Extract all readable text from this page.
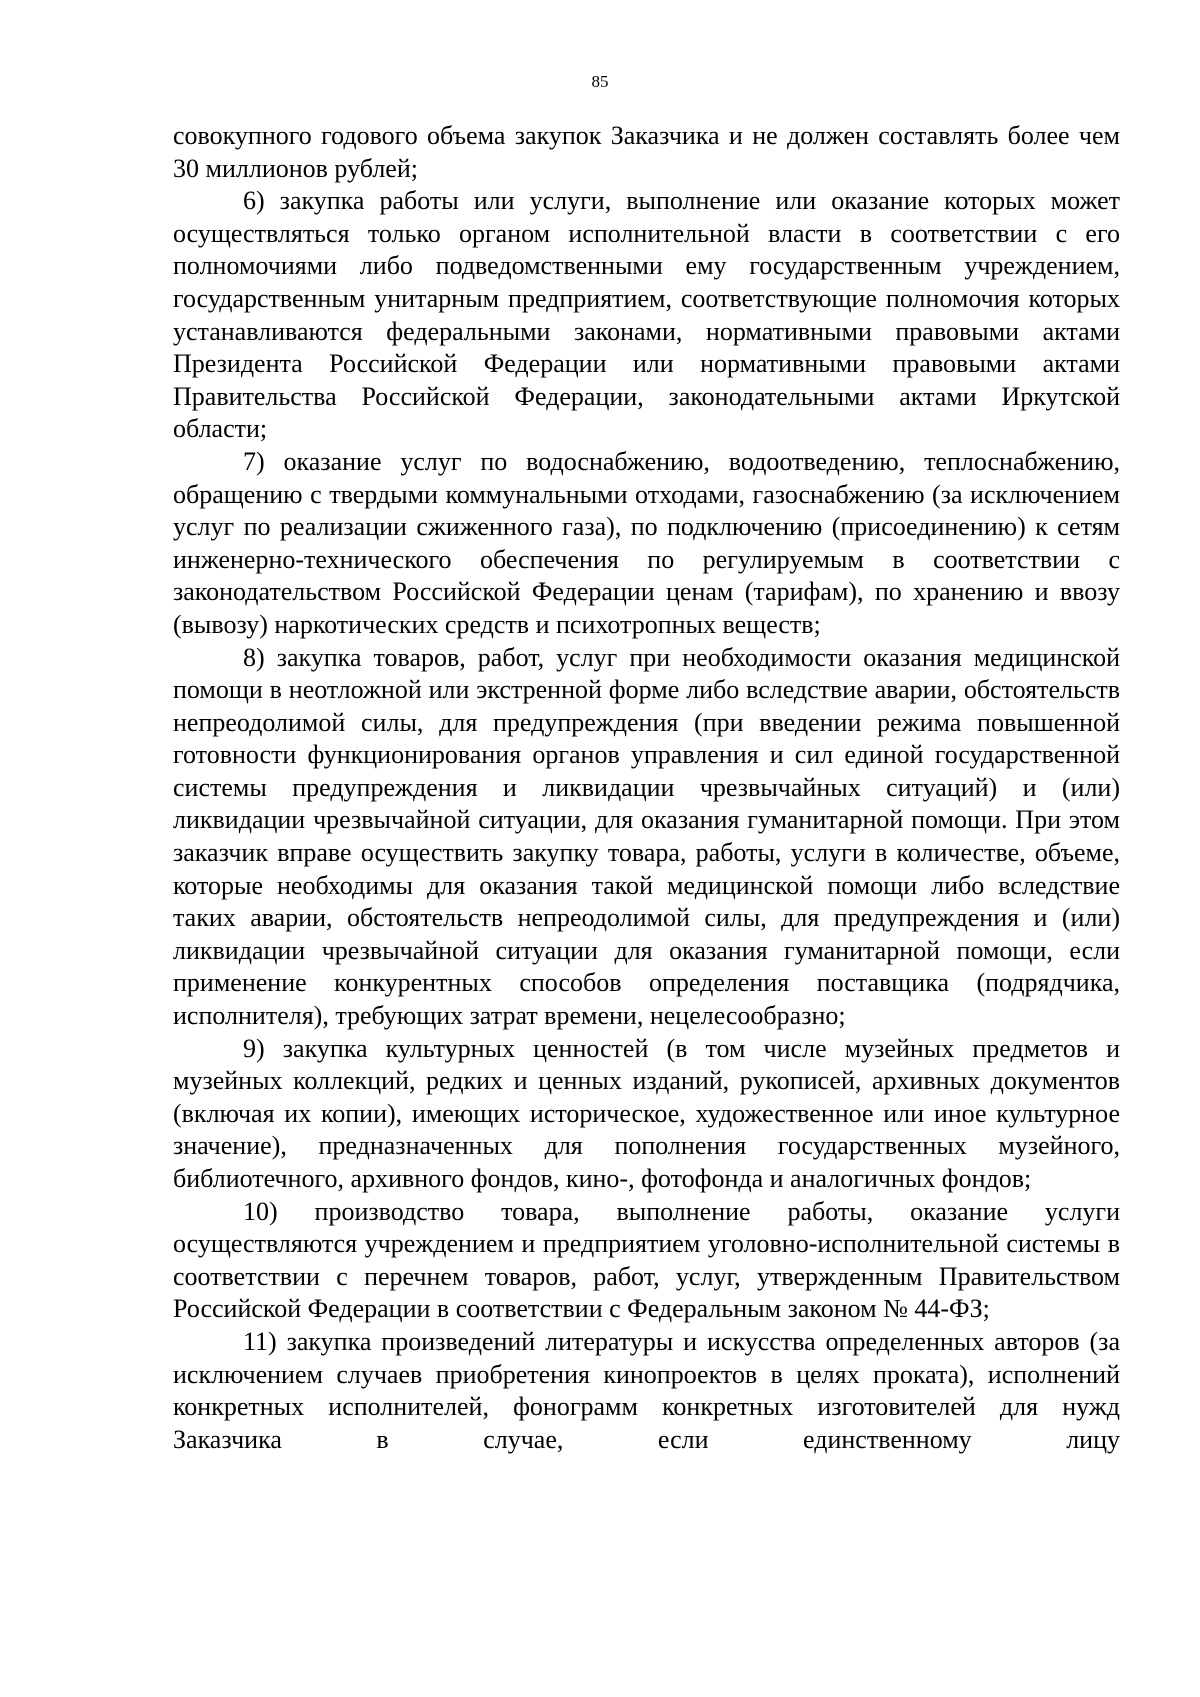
85

совокупного годового объема закупок Заказчика и не должен составлять более чем 30 миллионов рублей;

6) закупка работы или услуги, выполнение или оказание которых может осуществляться только органом исполнительной власти в соответствии с его полномочиями либо подведомственными ему государственным учреждением, государственным унитарным предприятием, соответствующие полномочия которых устанавливаются федеральными законами, нормативными правовыми актами Президента Российской Федерации или нормативными правовыми актами Правительства Российской Федерации, законодательными актами Иркутской области;

7) оказание услуг по водоснабжению, водоотведению, теплоснабжению, обращению с твердыми коммунальными отходами, газоснабжению (за исключением услуг по реализации сжиженного газа), по подключению (присоединению) к сетям инженерно-технического обеспечения по регулируемым в соответствии с законодательством Российской Федерации ценам (тарифам), по хранению и ввозу (вывозу) наркотических средств и психотропных веществ;

8) закупка товаров, работ, услуг при необходимости оказания медицинской помощи в неотложной или экстренной форме либо вследствие аварии, обстоятельств непреодолимой силы, для предупреждения (при введении режима повышенной готовности функционирования органов управления и сил единой государственной системы предупреждения и ликвидации чрезвычайных ситуаций) и (или) ликвидации чрезвычайной ситуации, для оказания гуманитарной помощи. При этом заказчик вправе осуществить закупку товара, работы, услуги в количестве, объеме, которые необходимы для оказания такой медицинской помощи либо вследствие таких аварии, обстоятельств непреодолимой силы, для предупреждения и (или) ликвидации чрезвычайной ситуации для оказания гуманитарной помощи, если применение конкурентных способов определения поставщика (подрядчика, исполнителя), требующих затрат времени, нецелесообразно;

9) закупка культурных ценностей (в том числе музейных предметов и музейных коллекций, редких и ценных изданий, рукописей, архивных документов (включая их копии), имеющих историческое, художественное или иное культурное значение), предназначенных для пополнения государственных музейного, библиотечного, архивного фондов, кино-, фотофонда и аналогичных фондов;

10) производство товара, выполнение работы, оказание услуги осуществляются учреждением и предприятием уголовно-исполнительной системы в соответствии с перечнем товаров, работ, услуг, утвержденным Правительством Российской Федерации в соответствии с Федеральным законом № 44-ФЗ;

11) закупка произведений литературы и искусства определенных авторов (за исключением случаев приобретения кинопроектов в целях проката), исполнений конкретных исполнителей, фонограмм конкретных изготовителей для нужд Заказчика в случае, если единственному лицу
